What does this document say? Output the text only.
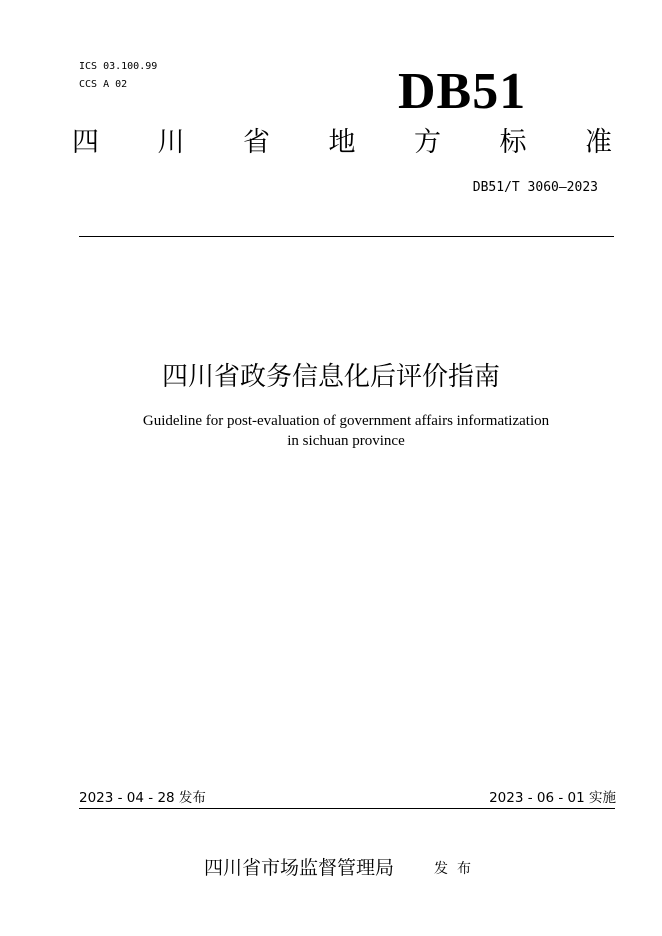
ICS 03.100.99
CCS A 02	DB51
四 川 省 地 方 标 准
DB51/T 3060—2023
四川省政务信息化后评价指南
Guideline for post-evaluation of government affairs informatization
in sichuan province
2023 - 04 - 28 发布	2023 - 06 - 01 实施
四川省市场监督管理局	发布
